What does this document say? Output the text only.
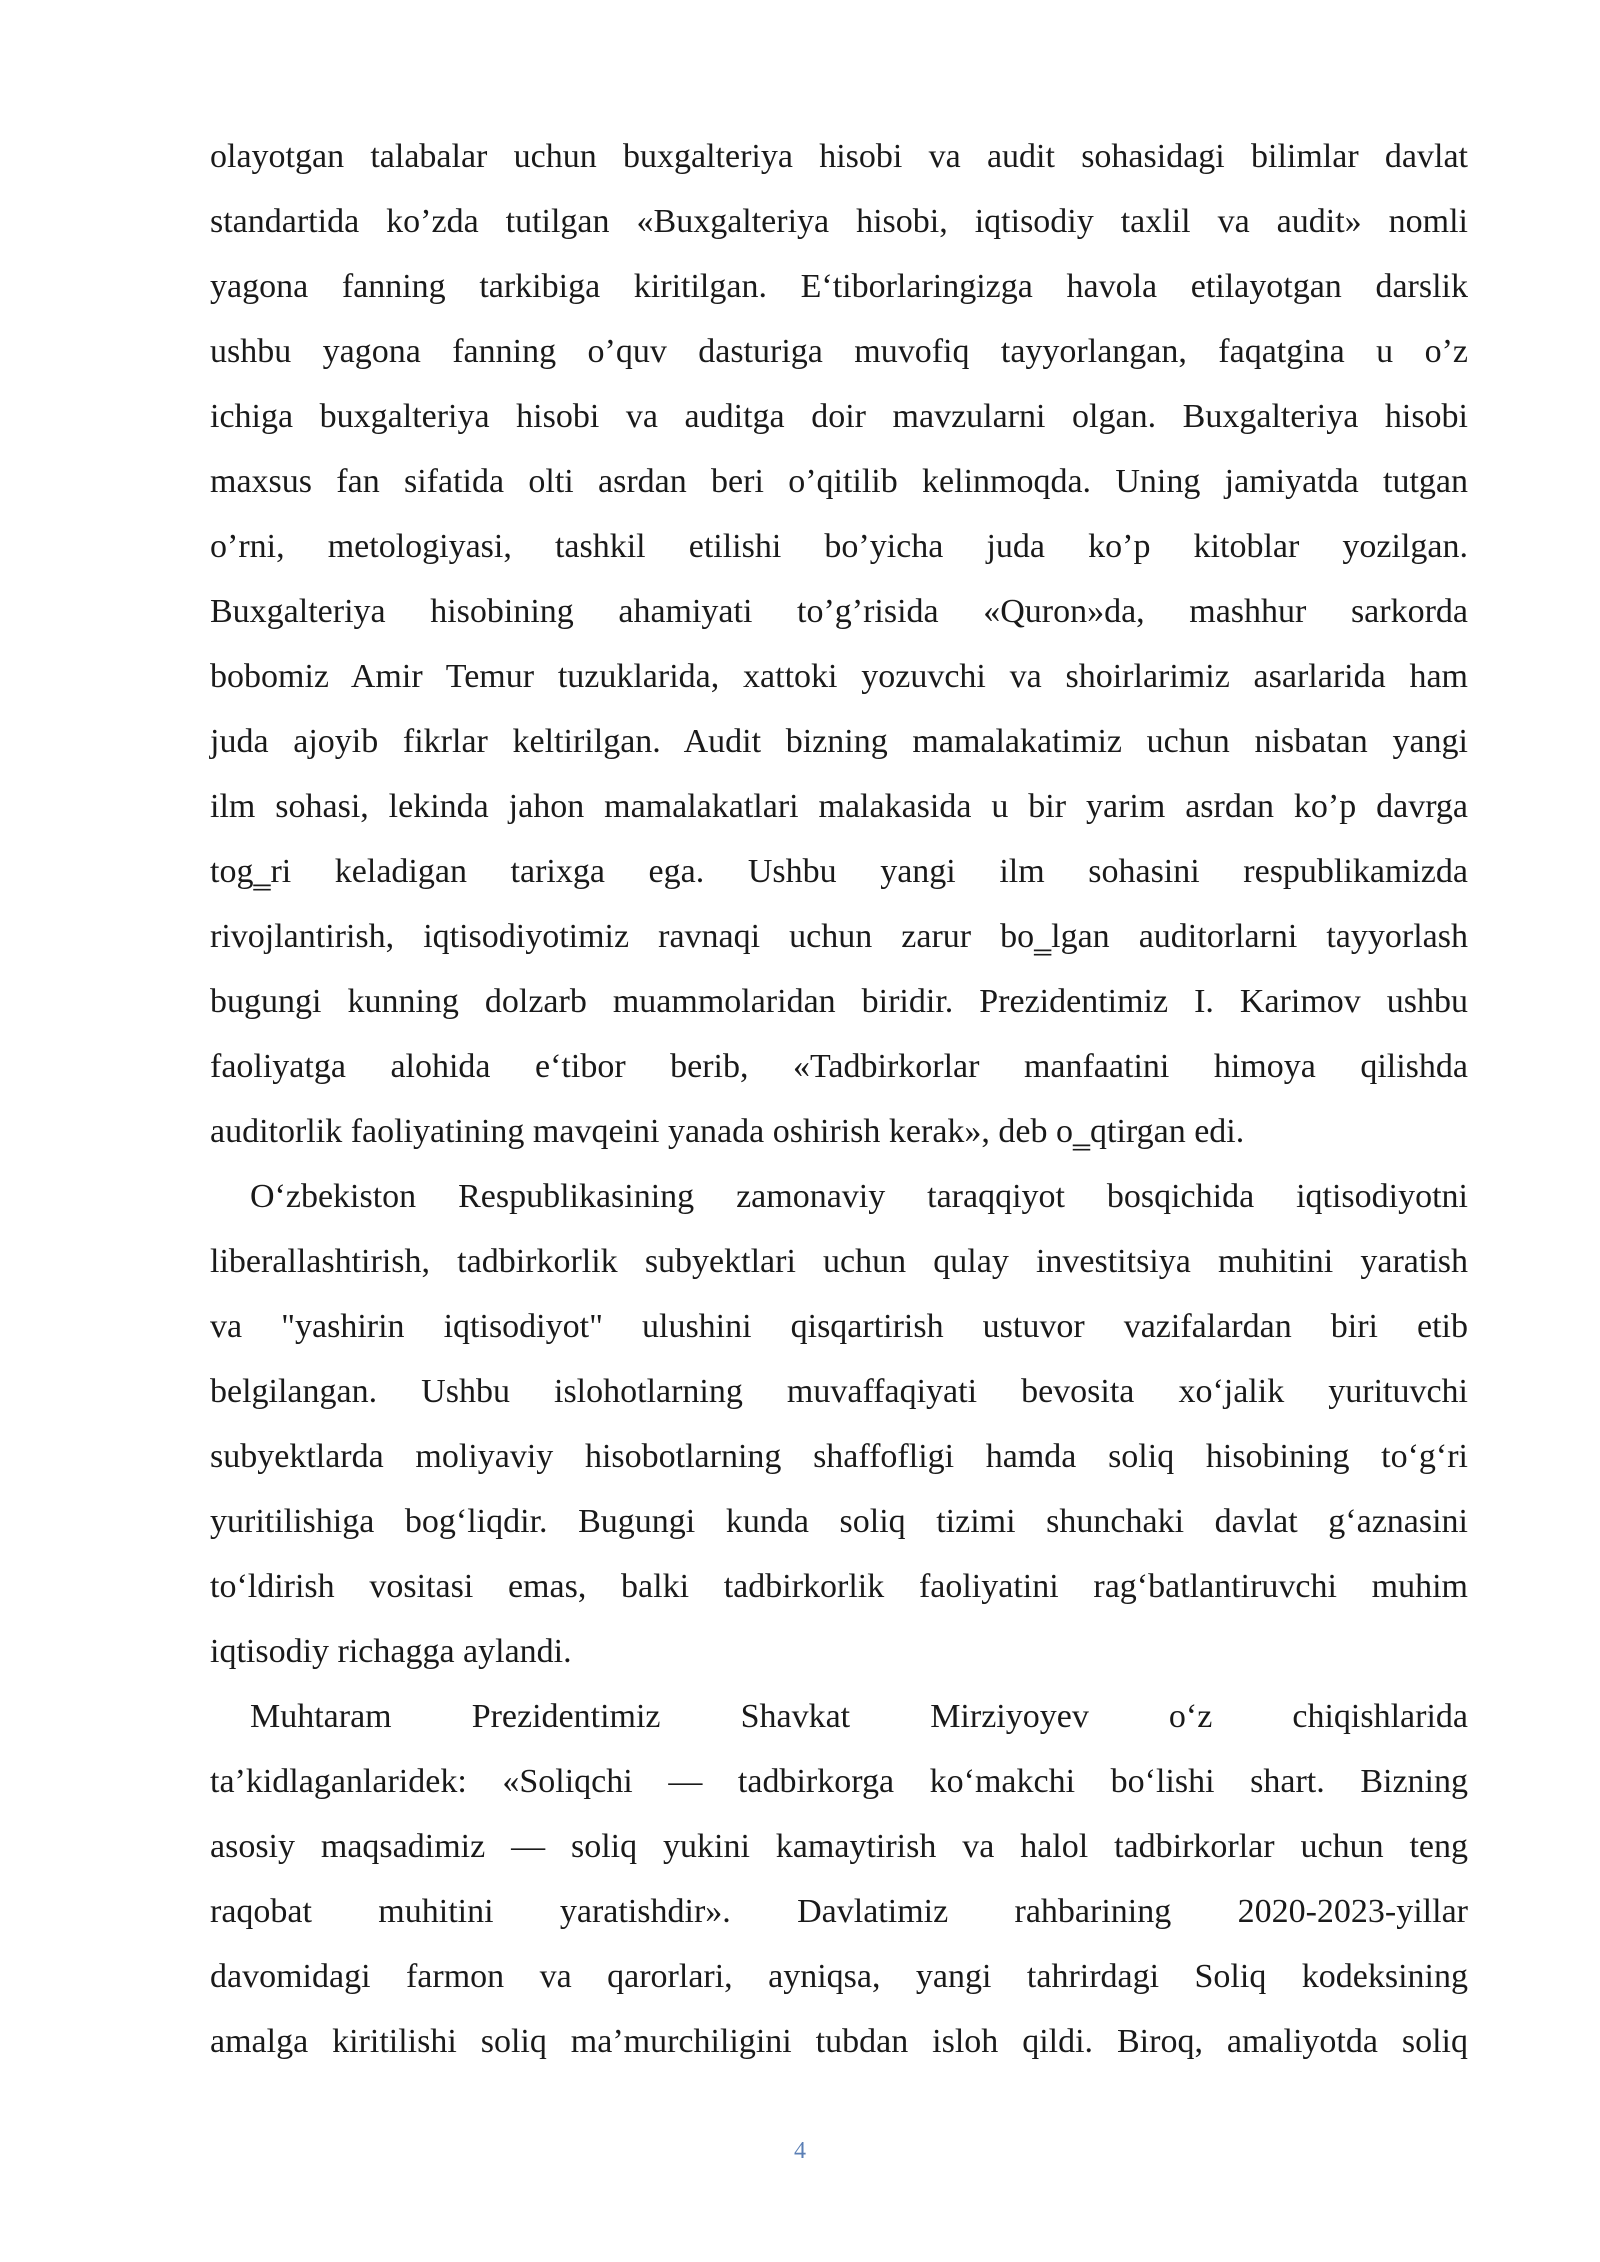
olayotgan talabalar uchun buxgalteriya hisobi va audit sohasidagi bilimlar davlat
standartida ko’zda tutilgan «Buxgalteriya hisobi, iqtisodiy taxlil va audit» nomli
yagona fanning tarkibiga kiritilgan. E‘tiborlaringizga havola etilayotgan darslik
ushbu yagona fanning o’quv dasturiga muvofiq tayyorlangan, faqatgina u o’z
ichiga buxgalteriya hisobi va auditga doir mavzularni olgan. Buxgalteriya hisobi
maxsus fan sifatida olti asrdan beri o’qitilib kelinmoqda. Uning jamiyatda tutgan
o’rni, metologiyasi, tashkil etilishi bo’yicha juda ko’p kitoblar yozilgan.
Buxgalteriya hisobining ahamiyati to’g’risida «Quron»da, mashhur sarkorda
bobomiz Amir Temur tuzuklarida, xattoki yozuvchi va shoirlarimiz asarlarida ham
juda ajoyib fikrlar keltirilgan. Audit bizning mamalakatimiz uchun nisbatan yangi
ilm sohasi, lekinda jahon mamalakatlari malakasida u bir yarim asrdan ko’p davrga
tog‗ri keladigan tarixga ega. Ushbu yangi ilm sohasini respublikamizda
rivojlantirish, iqtisodiyotimiz ravnaqi uchun zarur bo‗lgan auditorlarni tayyorlash
bugungi kunning dolzarb muammolaridan biridir. Prezidentimiz I. Karimov ushbu
faoliyatga alohida e‘tibor berib, «Tadbirkorlar manfaatini himoya qilishda
auditorlik faoliyatining mavqeini yanada oshirish kerak», deb o‗qtirgan edi.
O‘zbekiston Respublikasining zamonaviy taraqqiyot bosqichida iqtisodiyotni
liberallashtirish, tadbirkorlik subyektlari uchun qulay investitsiya muhitini yaratish
va "yashirin iqtisodiyot" ulushini qisqartirish ustuvor vazifalardan biri etib
belgilangan. Ushbu islohotlarning muvaffaqiyati bevosita xo‘jalik yurituvchi
subyektlarda moliyaviy hisobotlarning shaffofligi hamda soliq hisobining to‘g‘ri
yuritilishiga bog‘liqdir. Bugungi kunda soliq tizimi shunchaki davlat g‘aznasini
to‘ldirish vositasi emas, balki tadbirkorlik faoliyatini rag‘batlantiruvchi muhim
iqtisodiy richagga aylandi.
Muhtaram Prezidentimiz Shavkat Mirziyoyev o‘z chiqishlarida
ta’kidlaganlaridek: «Soliqchi — tadbirkorga ko‘makchi bo‘lishi shart. Bizning
asosiy maqsadimiz — soliq yukini kamaytirish va halol tadbirkorlar uchun teng
raqobat muhitini yaratishdir». Davlatimiz rahbarining 2020-2023-yillar
davomidagi farmon va qarorlari, ayniqsa, yangi tahrirdagi Soliq kodeksining
amalga kiritilishi soliq ma’murchiligini tubdan isloh qildi. Biroq, amaliyotda soliq
4
